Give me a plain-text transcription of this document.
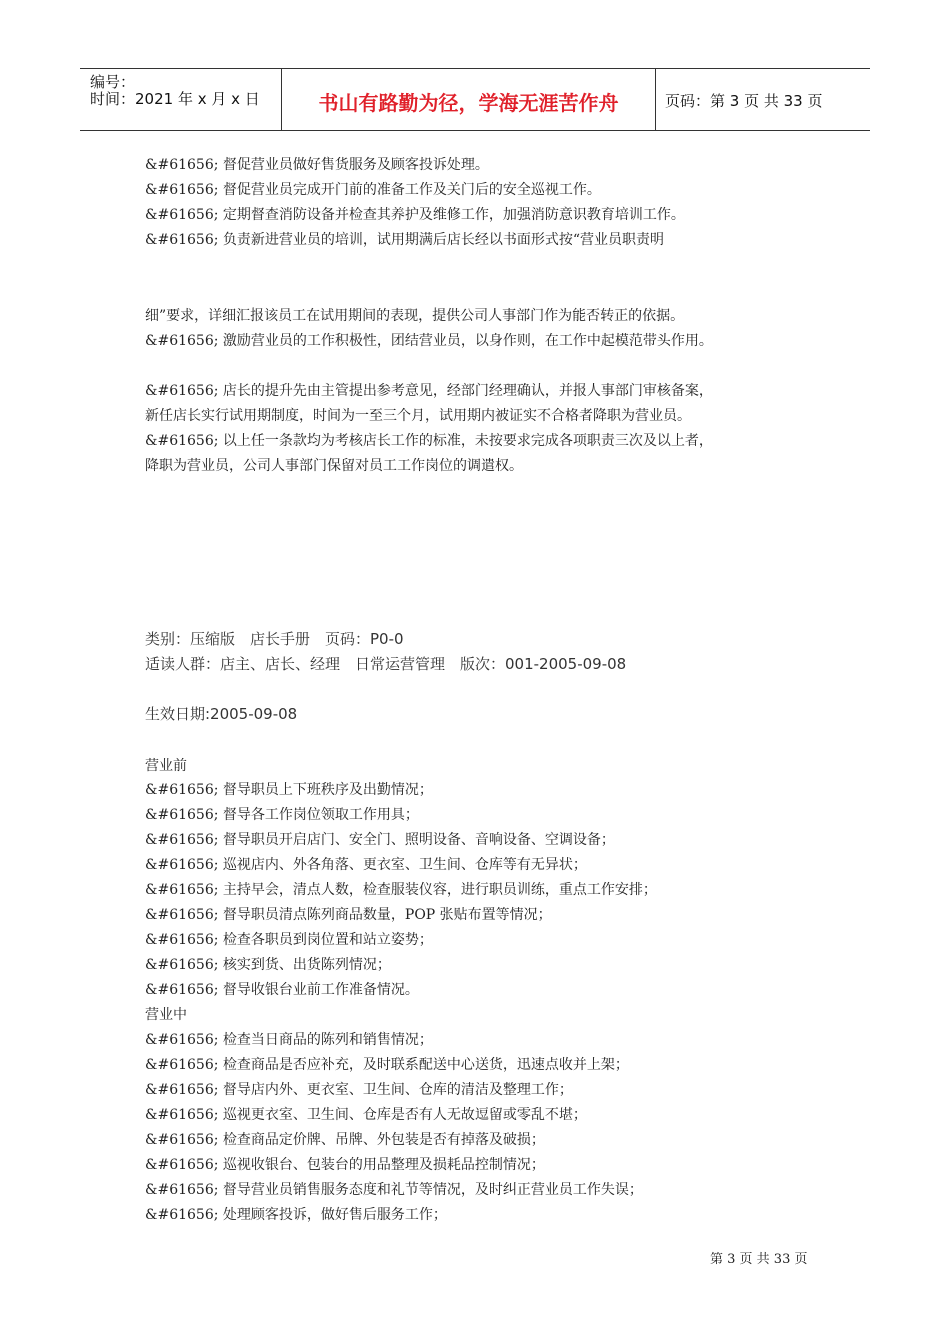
编号：
时间：2021 年 x 月 x 日	书山有路勤为径，学海无涯苦作舟	页码：第 3 页 共 33 页
&#61656; 督促营业员做好售货服务及顾客投诉处理。
&#61656; 督促营业员完成开门前的准备工作及关门后的安全巡视工作。
&#61656; 定期督查消防设备并检查其养护及维修工作，加强消防意识教育培训工作。
&#61656; 负责新进营业员的培训，试用期满后店长经以书面形式按“营业员职责明
细”要求，详细汇报该员工在试用期间的表现，提供公司人事部门作为能否转正的依据。
&#61656; 激励营业员的工作积极性，团结营业员，以身作则，在工作中起模范带头作用。
&#61656; 店长的提升先由主管提出参考意见，经部门经理确认，并报人事部门审核备案，
新任店长实行试用期制度，时间为一至三个月，试用期内被证实不合格者降职为营业员。
&#61656; 以上任一条款均为考核店长工作的标准，未按要求完成各项职责三次及以上者，
降职为营业员，公司人事部门保留对员工工作岗位的调遣权。
类别：压缩版　店长手册　页码：P0-0
适读人群：店主、店长、经理　日常运营管理　版次：001-2005-09-08
生效日期:2005-09-08
营业前
&#61656; 督导职员上下班秩序及出勤情况；
&#61656; 督导各工作岗位领取工作用具；
&#61656; 督导职员开启店门、安全门、照明设备、音响设备、空调设备；
&#61656; 巡视店内、外各角落、更衣室、卫生间、仓库等有无异状；
&#61656; 主持早会，清点人数，检查服装仪容，进行职员训练，重点工作安排；
&#61656; 督导职员清点陈列商品数量，POP 张贴布置等情况；
&#61656; 检查各职员到岗位置和站立姿势；
&#61656; 核实到货、出货陈列情况；
&#61656; 督导收银台业前工作准备情况。
营业中
&#61656; 检查当日商品的陈列和销售情况；
&#61656; 检查商品是否应补充，及时联系配送中心送货，迅速点收并上架；
&#61656; 督导店内外、更衣室、卫生间、仓库的清洁及整理工作；
&#61656; 巡视更衣室、卫生间、仓库是否有人无故逗留或零乱不堪；
&#61656; 检查商品定价牌、吊牌、外包装是否有掉落及破损；
&#61656; 巡视收银台、包装台的用品整理及损耗品控制情况；
&#61656; 督导营业员销售服务态度和礼节等情况，及时纠正营业员工作失误；
&#61656; 处理顾客投诉，做好售后服务工作；
第 3 页 共 33 页
